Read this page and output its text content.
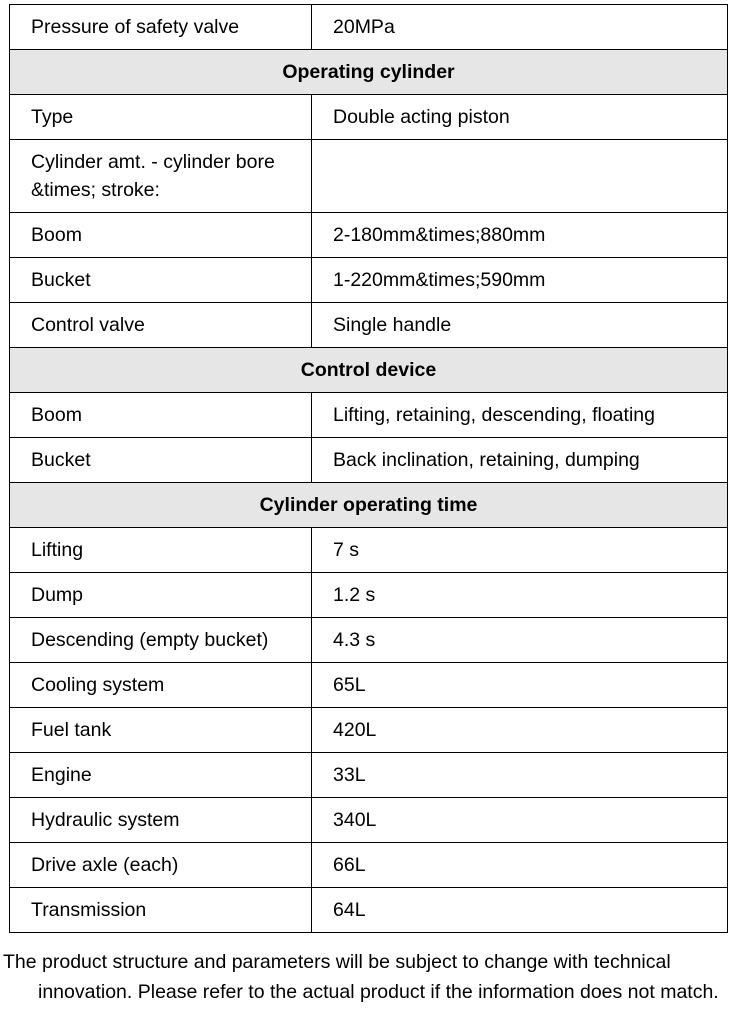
Pressure of safety valve	20MPa
Operating cylinder	
Type	Double acting piston
Cylinder amt. - cylinder bore &times; stroke:	
Boom	2-180mm&times;880mm
Bucket	1-220mm&times;590mm
Control valve	Single handle
Control device	
Boom	Lifting, retaining, descending, floating
Bucket	Back inclination, retaining, dumping
Cylinder operating time	
Lifting	7 s
Dump	1.2 s
Descending (empty bucket)	4.3 s
Cooling system	65L
Fuel tank	420L
Engine	33L
Hydraulic system	340L
Drive axle (each)	66L
Transmission	64L
The product structure and parameters will be subject to change with technical
innovation. Please refer to the actual product if the information does not match.
